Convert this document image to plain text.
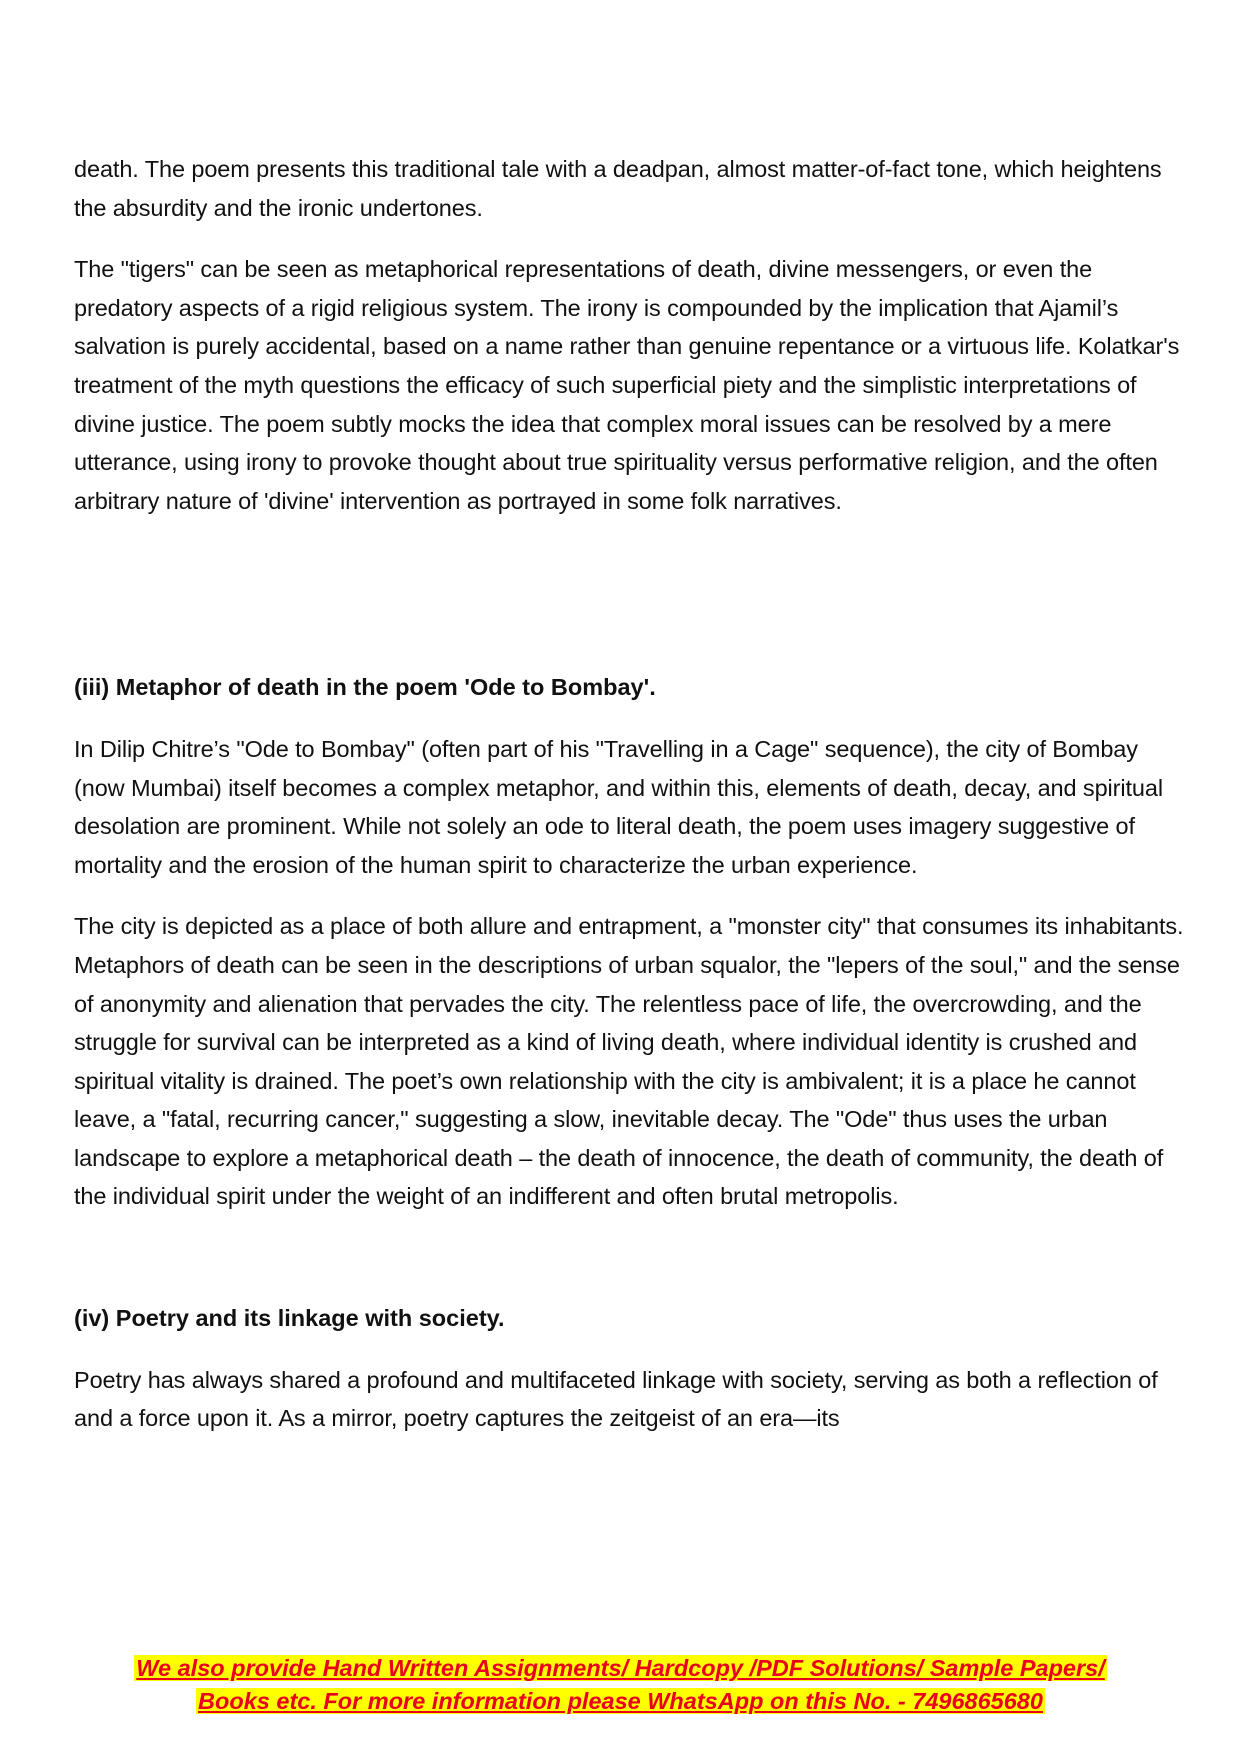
death. The poem presents this traditional tale with a deadpan, almost matter-of-fact tone, which heightens the absurdity and the ironic undertones.

The "tigers" can be seen as metaphorical representations of death, divine messengers, or even the predatory aspects of a rigid religious system. The irony is compounded by the implication that Ajamil’s salvation is purely accidental, based on a name rather than genuine repentance or a virtuous life. Kolatkar's treatment of the myth questions the efficacy of such superficial piety and the simplistic interpretations of divine justice. The poem subtly mocks the idea that complex moral issues can be resolved by a mere utterance, using irony to provoke thought about true spirituality versus performative religion, and the often arbitrary nature of 'divine' intervention as portrayed in some folk narratives.

(iii) Metaphor of death in the poem 'Ode to Bombay'.

In Dilip Chitre’s "Ode to Bombay" (often part of his "Travelling in a Cage" sequence), the city of Bombay (now Mumbai) itself becomes a complex metaphor, and within this, elements of death, decay, and spiritual desolation are prominent. While not solely an ode to literal death, the poem uses imagery suggestive of mortality and the erosion of the human spirit to characterize the urban experience.

The city is depicted as a place of both allure and entrapment, a "monster city" that consumes its inhabitants. Metaphors of death can be seen in the descriptions of urban squalor, the "lepers of the soul," and the sense of anonymity and alienation that pervades the city. The relentless pace of life, the overcrowding, and the struggle for survival can be interpreted as a kind of living death, where individual identity is crushed and spiritual vitality is drained. The poet’s own relationship with the city is ambivalent; it is a place he cannot leave, a "fatal, recurring cancer," suggesting a slow, inevitable decay. The "Ode" thus uses the urban landscape to explore a metaphorical death – the death of innocence, the death of community, the death of the individual spirit under the weight of an indifferent and often brutal metropolis.

(iv) Poetry and its linkage with society.

Poetry has always shared a profound and multifaceted linkage with society, serving as both a reflection of and a force upon it. As a mirror, poetry captures the zeitgeist of an era—its

We also provide Hand Written Assignments/ Hardcopy /PDF Solutions/ Sample Papers/
Books etc. For more information please WhatsApp on this No. - 7496865680
